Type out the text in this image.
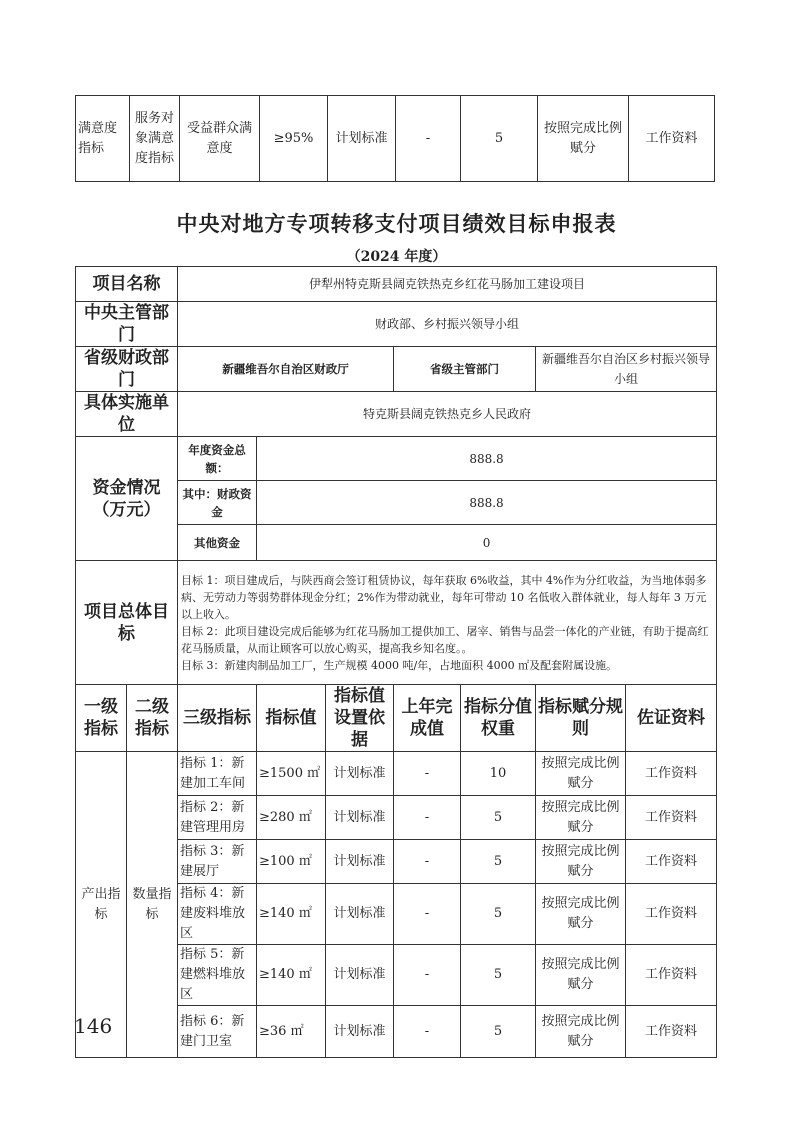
满意度指标	服务对象满意度指标	受益群众满意度	≥95%	计划标准	-	5	按照完成比例赋分	工作资料
中央对地方专项转移支付项目绩效目标申报表
（2024 年度）
项目名称		伊犁州特克斯县阔克铁热克乡红花马肠加工建设项目						
中央主管部门		财政部、乡村振兴领导小组						
省级财政部门		新疆维吾尔自治区财政厅			省级主管部门		新疆维吾尔自治区乡村振兴领导小组	
具体实施单位		特克斯县阔克铁热克乡人民政府						
资金情况（万元）		年度资金总额：	888.8					
		其中：财政资金	888.8					
		其他资金	0					
项目总体目标		目标 1：项目建成后，与陕西商会签订租赁协议，每年获取 6%收益，其中 4%作为分红收益，为当地体弱多病、无劳动力等弱势群体现金分红；2%作为带动就业，每年可带动 10 名低收入群体就业，每人每年 3 万元以上收入。
目标 2：此项目建设完成后能够为红花马肠加工提供加工、屠宰、销售与品尝一体化的产业链，有助于提高红花马肠质量，从而让顾客可以放心购买，提高我乡知名度。。
目标 3：新建肉制品加工厂，生产规模 4000 吨/年，占地面积 4000 ㎡及配套附属设施。						

一级指标	二级指标	三级指标	指标值	指标值设置依据	上年完成值	指标分值权重	指标赋分规则	佐证资料
产出指标	数量指标	指标 1：新建加工车间	≥1500 ㎡	计划标准	-	10	按照完成比例赋分	工作资料
		指标 2：新建管理用房	≥280 ㎡	计划标准	-	5	按照完成比例赋分	工作资料
		指标 3：新建展厅	≥100 ㎡	计划标准	-	5	按照完成比例赋分	工作资料
		指标 4：新建废料堆放区	≥140 ㎡	计划标准	-	5	按照完成比例赋分	工作资料
		指标 5：新建燃料堆放区	≥140 ㎡	计划标准	-	5	按照完成比例赋分	工作资料
		指标 6：新建门卫室	≥36 ㎡	计划标准	-	5	按照完成比例赋分	工作资料
146
